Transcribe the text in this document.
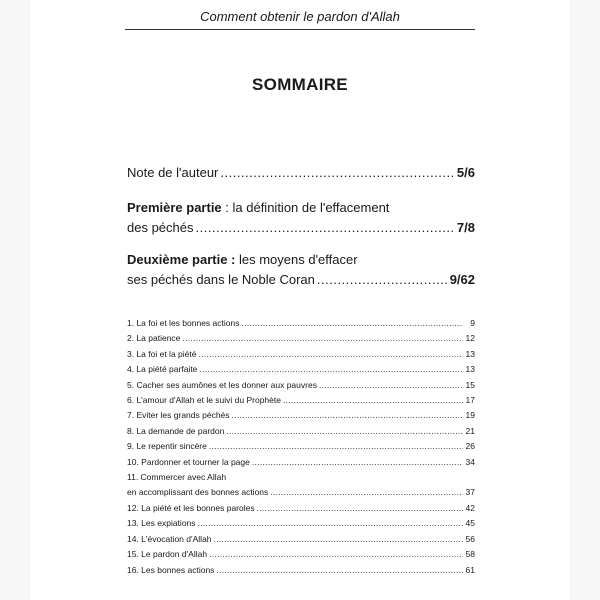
Comment obtenir le pardon d'Allah
SOMMAIRE
Note de l'auteur .....	5/6
Première partie : la définition de l'effacement
des péchés .....	7/8
Deuxième partie : les moyens d'effacer
ses péchés dans le Noble Coran .....	9/62
1. La foi et les bonnes actions .....	9
2. La patience .....	12
3. La foi et la piété .....	13
4. La piété parfaite .....	13
5. Cacher ses aumônes et les donner aux pauvres .....	15
6. L'amour d'Allah et le suivi du Prophète .....	17
7. Eviter les grands péchés .....	19
8. La demande de pardon .....	21
9. Le repentir sincère .....	26
10. Pardonner et tourner la page .....	34
11. Commercer avec Allah
en accomplissant des bonnes actions .....	37
12. La piété et les bonnes paroles .....	42
13. Les expiations .....	45
14. L'évocation d'Allah .....	56
15. Le pardon d'Allah .....	58
16. Les bonnes actions .....	61
